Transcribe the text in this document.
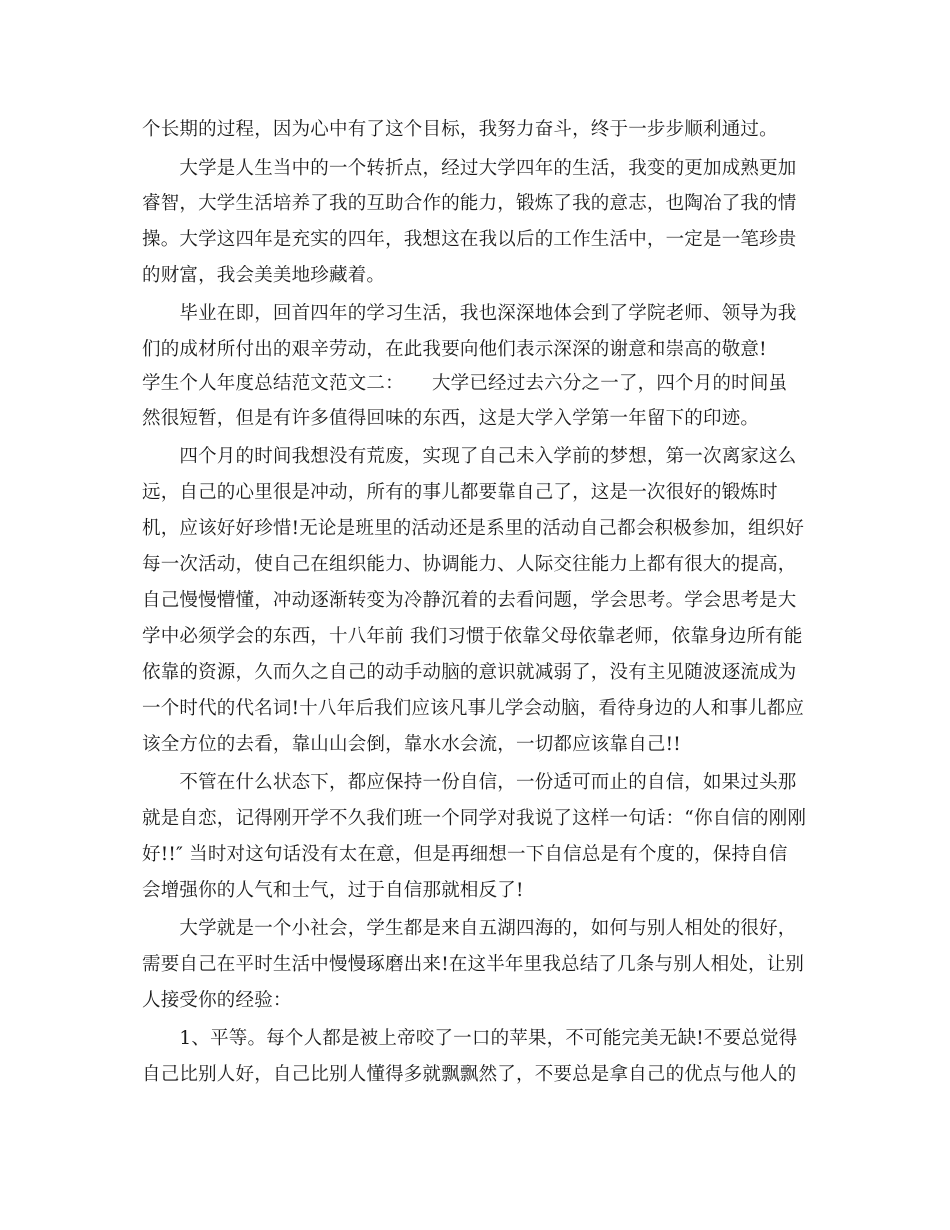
个长期的过程，因为心中有了这个目标，我努力奋斗，终于一步步顺利通过。
　　大学是人生当中的一个转折点，经过大学四年的生活，我变的更加成熟更加
睿智，大学生活培养了我的互助合作的能力，锻炼了我的意志，也陶冶了我的情
操。大学这四年是充实的四年，我想这在我以后的工作生活中，一定是一笔珍贵
的财富，我会美美地珍藏着。
　　毕业在即，回首四年的学习生活，我也深深地体会到了学院老师、领导为我
们的成材所付出的艰辛劳动，在此我要向他们表示深深的谢意和崇高的敬意!
学生个人年度总结范文范文二：　　大学已经过去六分之一了，四个月的时间虽
然很短暂，但是有许多值得回味的东西，这是大学入学第一年留下的印迹。
　　四个月的时间我想没有荒废，实现了自己未入学前的梦想，第一次离家这么
远，自己的心里很是冲动，所有的事儿都要靠自己了，这是一次很好的锻炼时
机，应该好好珍惜!无论是班里的活动还是系里的活动自己都会积极参加，组织好
每一次活动，使自己在组织能力、协调能力、人际交往能力上都有很大的提高，
自己慢慢懵懂，冲动逐渐转变为冷静沉着的去看问题，学会思考。学会思考是大
学中必须学会的东西，十八年前 我们习惯于依靠父母依靠老师，依靠身边所有能
依靠的资源，久而久之自己的动手动脑的意识就减弱了，没有主见随波逐流成为
一个时代的代名词!十八年后我们应该凡事儿学会动脑，看待身边的人和事儿都应
该全方位的去看，靠山山会倒，靠水水会流，一切都应该靠自己!!
　　不管在什么状态下，都应保持一份自信，一份适可而止的自信，如果过头那
就是自恋，记得刚开学不久我们班一个同学对我说了这样一句话：“你自信的刚刚
好!!″ 当时对这句话没有太在意，但是再细想一下自信总是有个度的，保持自信
会增强你的人气和士气，过于自信那就相反了!
　　大学就是一个小社会，学生都是来自五湖四海的，如何与别人相处的很好，
需要自己在平时生活中慢慢琢磨出来!在这半年里我总结了几条与别人相处，让别
人接受你的经验：
　　1、平等。每个人都是被上帝咬了一口的苹果，不可能完美无缺!不要总觉得
自己比别人好，自己比别人懂得多就飘飘然了，不要总是拿自己的优点与他人的
